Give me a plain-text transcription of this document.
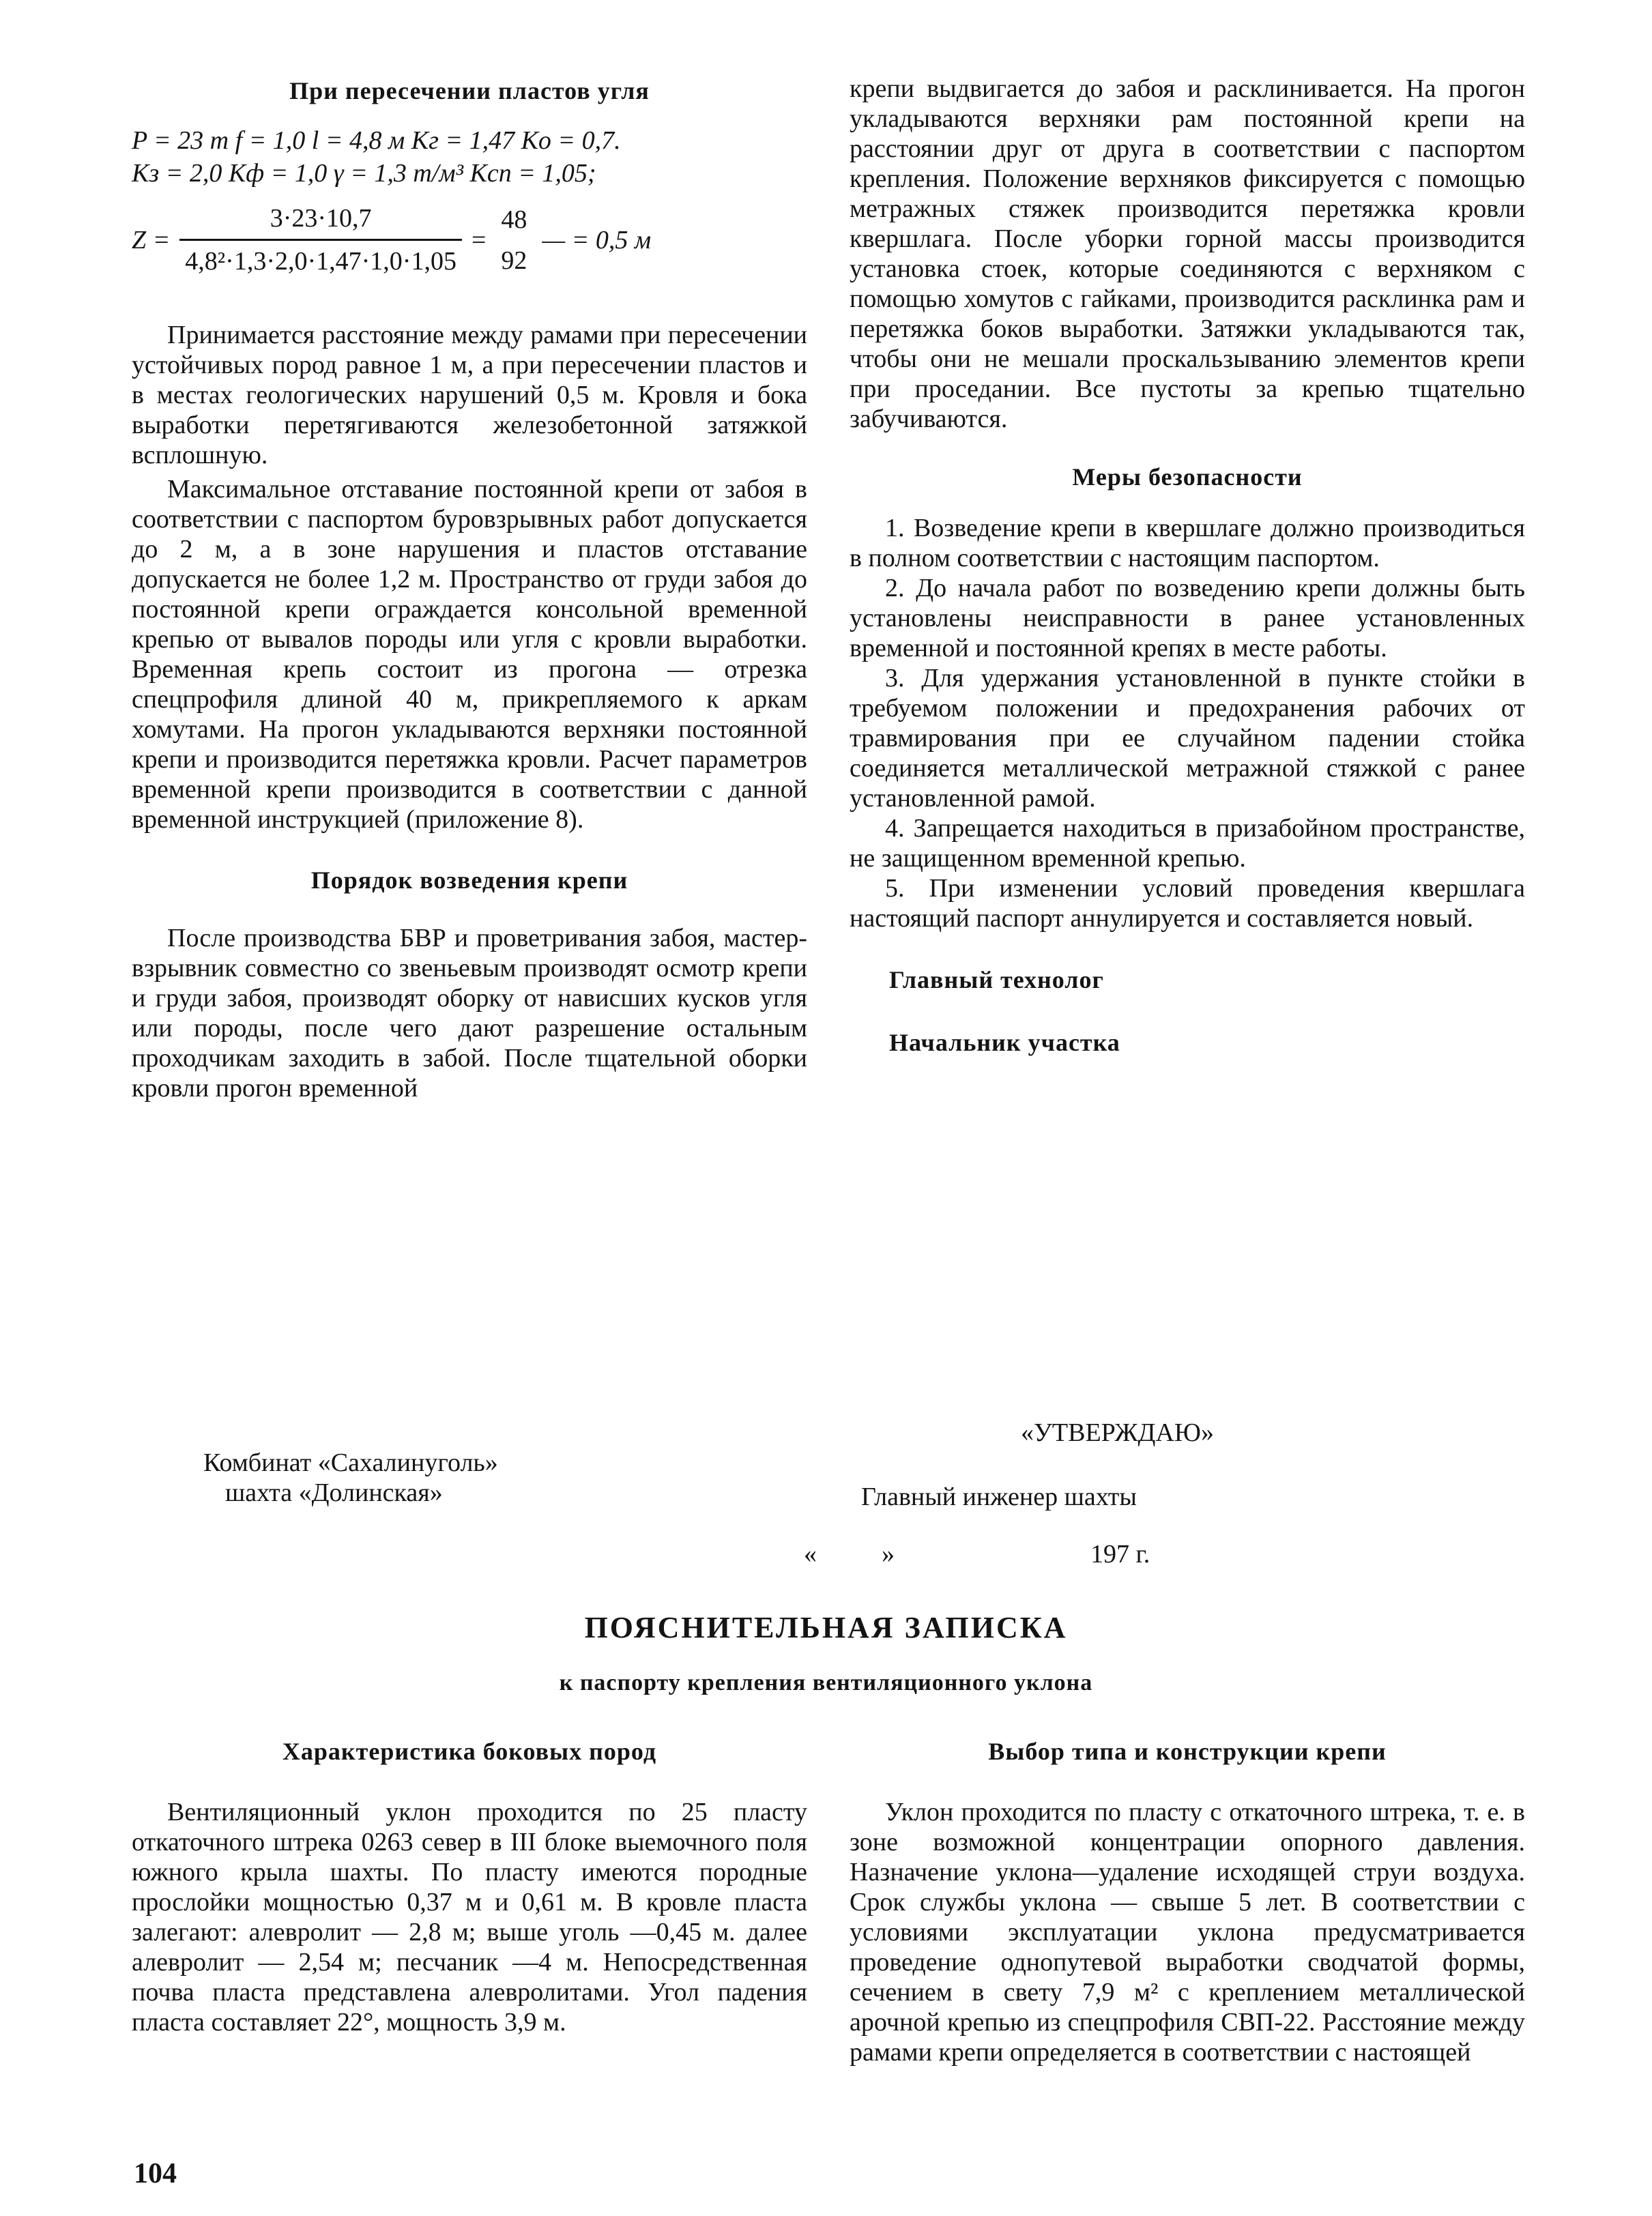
При пересечении пластов угля
P = 23 т f = 1,0 l = 4,8 м Kг = 1,47 Kо = 0,7.
Kз = 2,0 Kф = 1,0 γ = 1,3 т/м³ Kсп = 1,05;
$Z = \frac{3\cdot 23\cdot 10,7}{\text{4,8²·1,3·2,0·1,47·1,0·1,05}}$ =
48
92
— = 0,5 м

Принимается расстояние между рамами при пересечении устойчивых пород равное 1 м, а при пересечении пластов и в местах геологических нарушений 0,5 м. Кровля и бока выработки перетягиваются железобетонной затяжкой всплошную.

Максимальное отставание постоянной крепи от забоя в соответствии с паспортом буровзрывных работ допускается до 2 м, а в зоне нарушения и пластов отставание допускается не более 1,2 м. Пространство от груди забоя до постоянной крепи ограждается консольной временной крепью от вывалов породы или угля с кровли выработки. Временная крепь состоит из прогона — отрезка спецпрофиля длиной 40 м, прикрепляемого к аркам хомутами. На прогон укладываются верхняки постоянной крепи и производится перетяжка кровли. Расчет параметров временной крепи производится в соответствии с данной временной инструкцией (приложение 8).

Порядок возведения крепи

После производства БВР и проветривания забоя, мастер-взрывник совместно со звеньевым производят осмотр крепи и груди забоя, производят оборку от нависших кусков угля или породы, после чего дают разрешение остальным проходчикам заходить в забой. После тщательной оборки кровли прогон временной

крепи выдвигается до забоя и расклинивается. На прогон укладываются верхняки рам постоянной крепи на расстоянии друг от друга в соответствии с паспортом крепления. Положение верхняков фиксируется с помощью метражных стяжек производится перетяжка кровли квершлага. После уборки горной массы производится установка стоек, которые соединяются с верхняком с помощью хомутов с гайками, производится расклинка рам и перетяжка боков выработки. Затяжки укладываются так, чтобы они не мешали проскальзыванию элементов крепи при проседании. Все пустоты за крепью тщательно забучиваются.

Меры безопасности

1. Возведение крепи в квершлаге должно производиться в полном соответствии с настоящим паспортом.

2. До начала работ по возведению крепи должны быть установлены неисправности в ранее установленных временной и постоянной крепях в месте работы.

3. Для удержания установленной в пункте стойки в требуемом положении и предохранения рабочих от травмирования при ее случайном падении стойка соединяется металлической метражной стяжкой с ранее установленной рамой.

4. Запрещается находиться в призабойном пространстве, не защищенном временной крепью.

5. При изменении условий проведения квершлага настоящий паспорт аннулируется и составляется новый.

Главный технолог
Начальник участка
Комбинат «Сахалинуголь»
шахта «Долинская»
«УТВЕРЖДАЮ»
Главный инженер шахты
«	»	197 г.
ПОЯСНИТЕЛЬНАЯ ЗАПИСКА
к паспорту крепления вентиляционного уклона
Характеристика боковых пород

Вентиляционный уклон проходится по 25 пласту откаточного штрека 0263 север в III блоке выемочного поля южного крыла шахты. По пласту имеются породные прослойки мощностью 0,37 м и 0,61 м. В кровле пласта залегают: алевролит — 2,8 м; выше уголь —0,45 м. далее алевролит — 2,54 м; песчаник —4 м. Непосредственная почва пласта представлена алевролитами. Угол падения пласта составляет 22°, мощность 3,9 м.

Выбор типа и конструкции крепи

Уклон проходится по пласту с откаточного штрека, т. е. в зоне возможной концентрации опорного давления. Назначение уклона—удаление исходящей струи воздуха. Срок службы уклона — свыше 5 лет. В соответствии с условиями эксплуатации уклона предусматривается проведение однопутевой выработки сводчатой формы, сечением в свету 7,9 м² с креплением металлической арочной крепью из спецпрофиля СВП-22. Расстояние между рамами крепи определяется в соответствии с настоящей

104
